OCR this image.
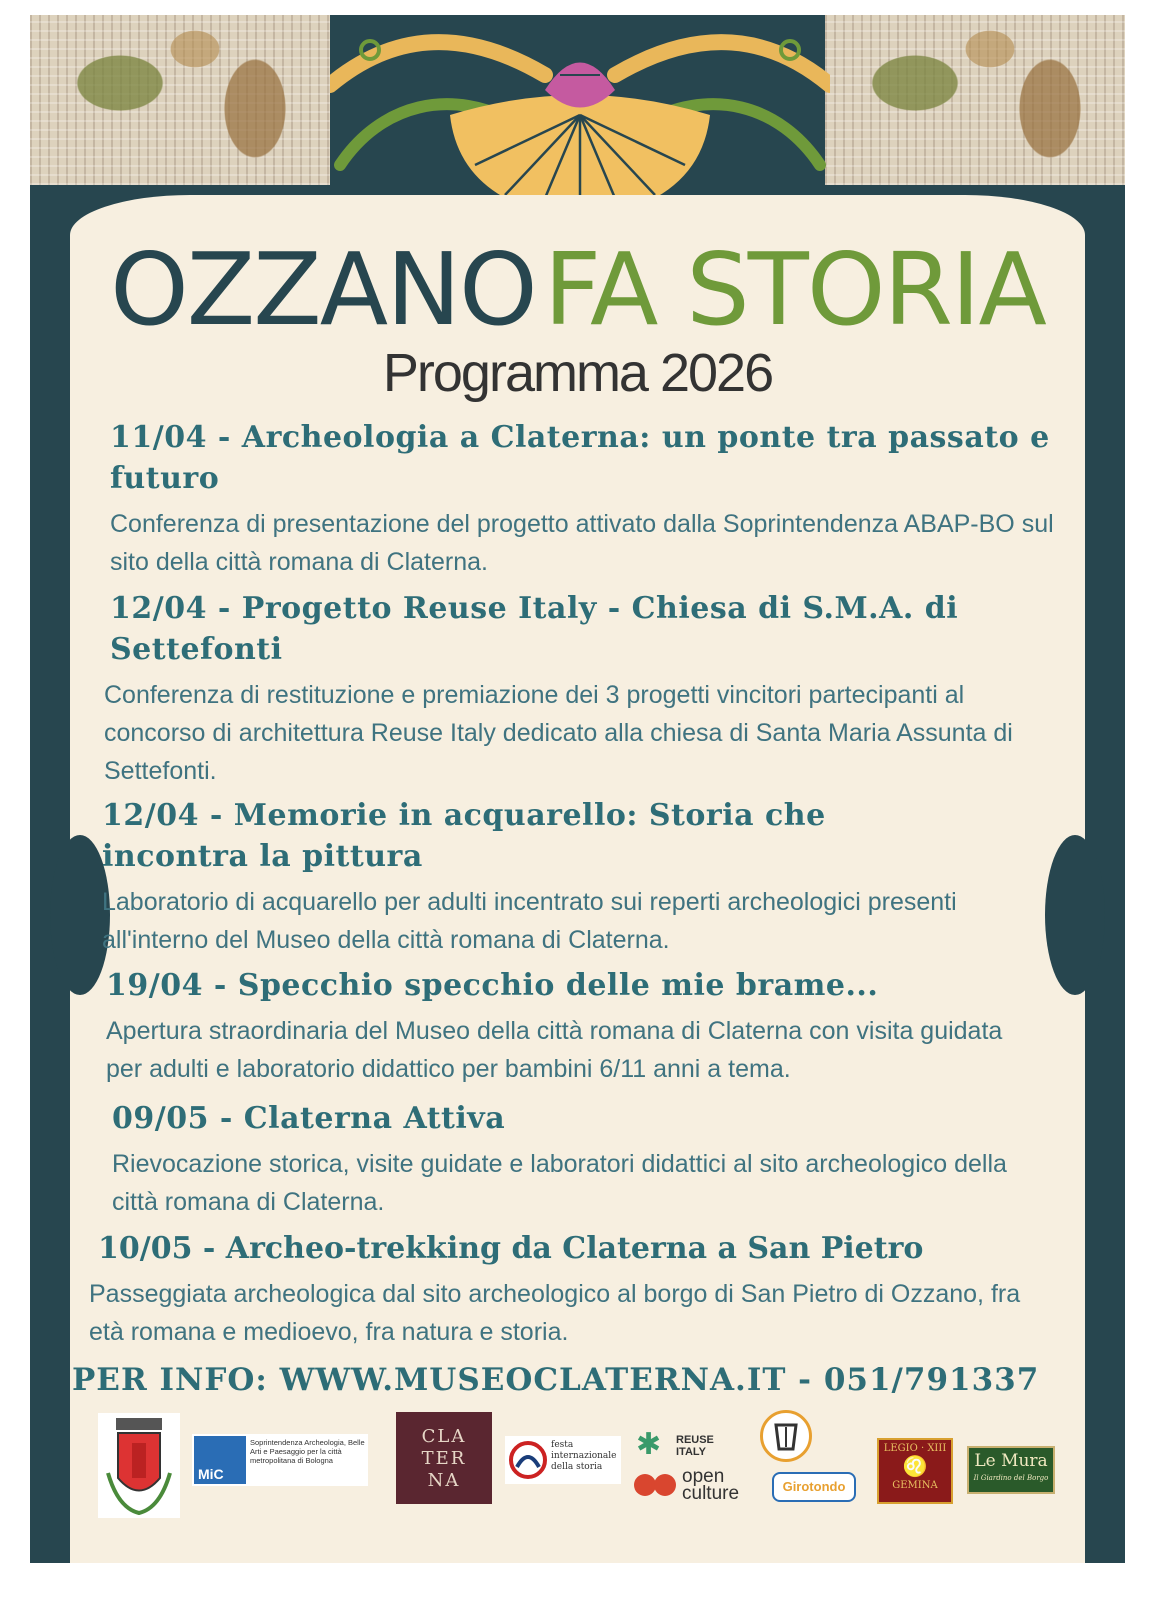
OZZANOFA STORIA
Programma 2026
11/04 - Archeologia a Claterna: un ponte tra passato e futuro
Conferenza di presentazione del progetto attivato dalla Soprintendenza ABAP-BO sul sito della città romana di Claterna.
12/04 - Progetto Reuse Italy - Chiesa di S.M.A. di Settefonti
Conferenza di restituzione e premiazione dei 3 progetti vincitori partecipanti al concorso di architettura Reuse Italy dedicato alla chiesa di Santa Maria Assunta di Settefonti.
12/04 - Memorie in acquarello: Storia che incontra la pittura
Laboratorio di acquarello per adulti incentrato sui reperti archeologici presenti all'interno del Museo della città romana di Claterna.
19/04 - Specchio specchio delle mie brame...
Apertura straordinaria del Museo della città romana di Claterna con visita guidata per adulti e laboratorio didattico per bambini 6/11 anni a tema.
09/05 - Claterna Attiva
Rievocazione storica, visite guidate e laboratori didattici al sito archeologico della città romana di Claterna.
10/05 - Archeo-trekking da Claterna a San Pietro
Passeggiata archeologica dal sito archeologico al borgo di San Pietro di Ozzano, fra età romana e medioevo, fra natura e storia.
PER INFO: WWW.MUSEOCLATERNA.IT - 051/791337
MiC
Soprintendenza Archeologia, Belle Arti e Paesaggio per la città metropolitana di Bologna
CLA
TER
NA
festa internazionale della storia
✱ REUSE ITALY
open
culture	Girotondo
LEGIO · XIII
♌
GEMINA
Le Mura
Il Giardino del Borgo
